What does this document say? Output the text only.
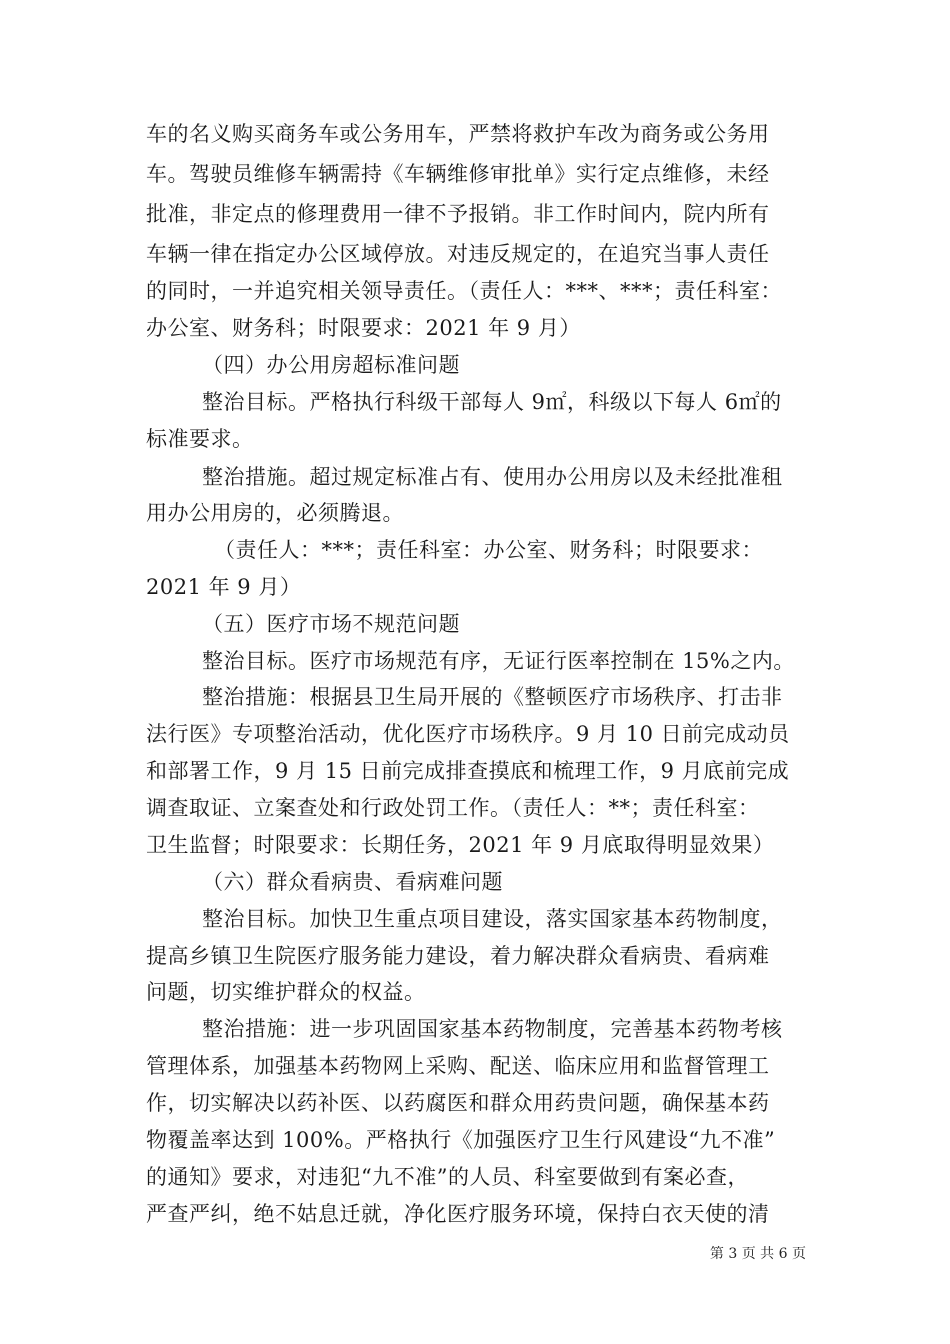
车的名义购买商务车或公务用车，严禁将救护车改为商务或公务用
车。驾驶员维修车辆需持《车辆维修审批单》实行定点维修，未经
批准，非定点的修理费用一律不予报销。非工作时间内，院内所有
车辆一律在指定办公区域停放。对违反规定的，在追究当事人责任
的同时，一并追究相关领导责任。（责任人：***、***；责任科室：
办公室、财务科；时限要求：2021 年 9 月）
（四）办公用房超标准问题
整治目标。严格执行科级干部每人 9㎡，科级以下每人 6㎡的
标准要求。
整治措施。超过规定标准占有、使用办公用房以及未经批准租
用办公用房的，必须腾退。
（责任人：***；责任科室：办公室、财务科；时限要求：
2021 年 9 月）
（五）医疗市场不规范问题
整治目标。医疗市场规范有序，无证行医率控制在 15%之内。
整治措施：根据县卫生局开展的《整顿医疗市场秩序、打击非
法行医》专项整治活动，优化医疗市场秩序。9 月 10 日前完成动员
和部署工作，9 月 15 日前完成排查摸底和梳理工作，9 月底前完成
调查取证、立案查处和行政处罚工作。（责任人：**；责任科室：
卫生监督；时限要求：长期任务，2021 年 9 月底取得明显效果）
（六）群众看病贵、看病难问题
整治目标。加快卫生重点项目建设，落实国家基本药物制度，
提高乡镇卫生院医疗服务能力建设，着力解决群众看病贵、看病难
问题，切实维护群众的权益。
整治措施：进一步巩固国家基本药物制度，完善基本药物考核
管理体系，加强基本药物网上采购、配送、临床应用和监督管理工
作，切实解决以药补医、以药腐医和群众用药贵问题，确保基本药
物覆盖率达到 100%。严格执行《加强医疗卫生行风建设“九不准”
的通知》要求，对违犯“九不准”的人员、科室要做到有案必查，
严查严纠，绝不姑息迁就，净化医疗服务环境，保持白衣天使的清
第 3 页 共 6 页
